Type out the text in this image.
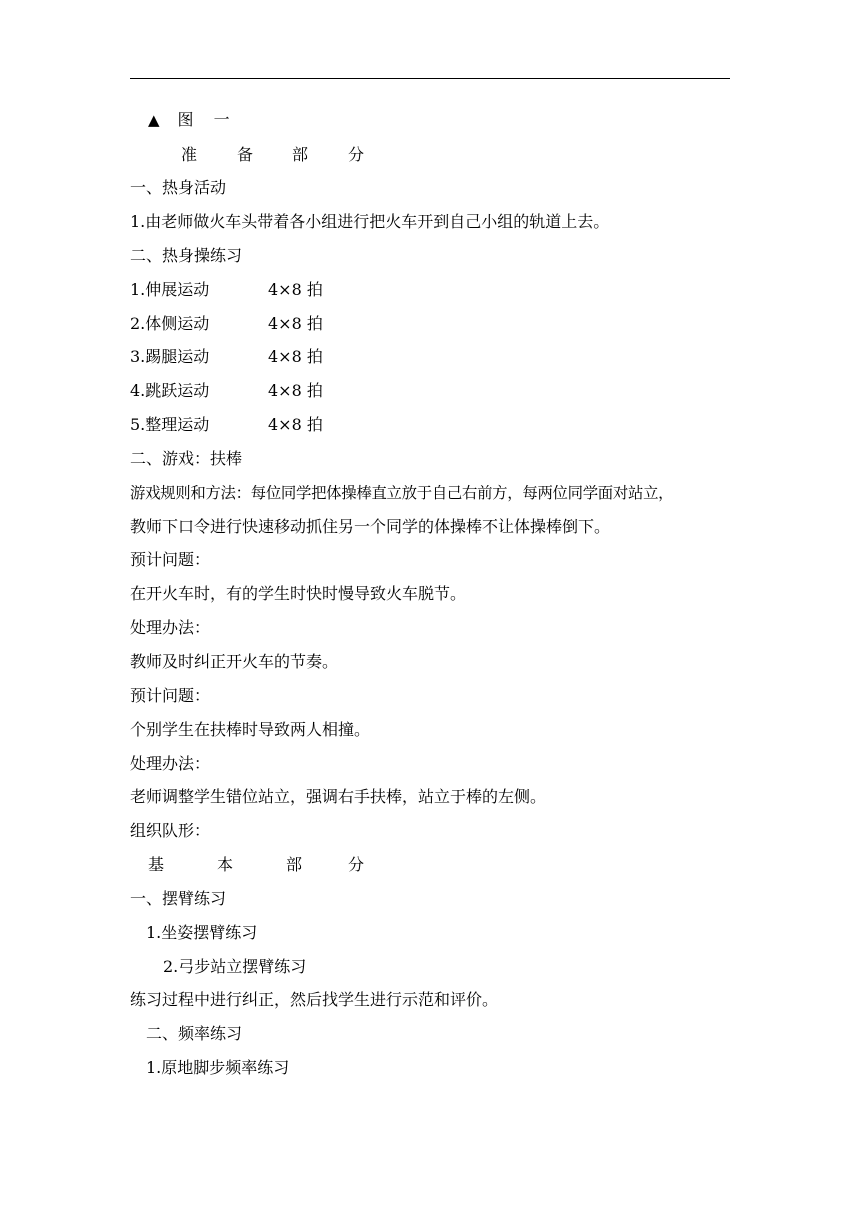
▲ 图 一
准 备 部 分
一、热身活动
1.由老师做火车头带着各小组进行把火车开到自己小组的轨道上去。
二、热身操练习
1.伸展运动	4×8 拍
2.体侧运动	4×8 拍
3.踢腿运动	4×8 拍
4.跳跃运动	4×8 拍
5.整理运动	4×8 拍
二、游戏：扶棒
游戏规则和方法：每位同学把体操棒直立放于自己右前方，每两位同学面对站立，
教师下口令进行快速移动抓住另一个同学的体操棒不让体操棒倒下。
预计问题：
在开火车时，有的学生时快时慢导致火车脱节。
处理办法：
教师及时纠正开火车的节奏。
预计问题：
个别学生在扶棒时导致两人相撞。
处理办法：
老师调整学生错位站立，强调右手扶棒，站立于棒的左侧。
组织队形：
基	本	部	分
一、摆臂练习
1.坐姿摆臂练习
2.弓步站立摆臂练习
练习过程中进行纠正，然后找学生进行示范和评价。
二、频率练习
1.原地脚步频率练习
